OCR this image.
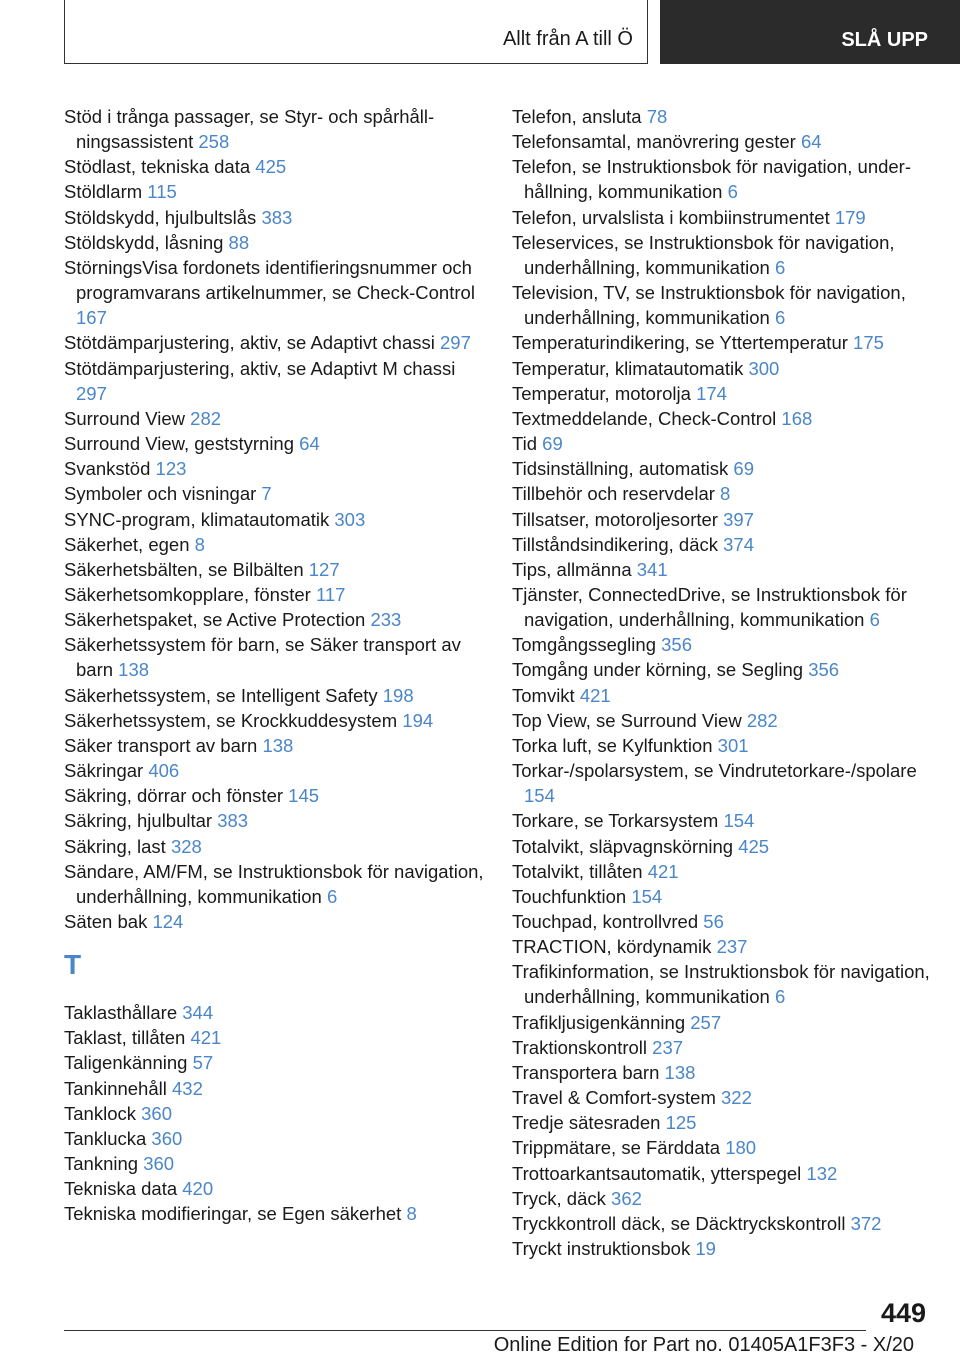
Allt från A till Ö	SLÅ UPP
Stöd i trånga passager, se Styr- och spårhållningsassistent 258
Stödlast, tekniska data 425
Stöldlarm 115
Stöldskydd, hjulbultslås 383
Stöldskydd, låsning 88
StörningsVisa fordonets identifieringsnummer och programvarans artikelnummer, se Check-Control 167
Stötdämparjustering, aktiv, se Adaptivt chassi 297
Stötdämparjustering, aktiv, se Adaptivt M chassi 297
Surround View 282
Surround View, geststyrning 64
Svankstöd 123
Symboler och visningar 7
SYNC-program, klimatautomatik 303
Säkerhet, egen 8
Säkerhetsbälten, se Bilbälten 127
Säkerhetsomkopplare, fönster 117
Säkerhetspaket, se Active Protection 233
Säkerhetssystem för barn, se Säker transport av barn 138
Säkerhetssystem, se Intelligent Safety 198
Säkerhetssystem, se Krockkuddesystem 194
Säker transport av barn 138
Säkringar 406
Säkring, dörrar och fönster 145
Säkring, hjulbultar 383
Säkring, last 328
Sändare, AM/FM, se Instruktionsbok för navigation, underhållning, kommunikation 6
Säten bak 124
T
Taklasthållare 344
Taklast, tillåten 421
Taligenkänning 57
Tankinnehåll 432
Tanklock 360
Tanklucka 360
Tankning 360
Tekniska data 420
Tekniska modifieringar, se Egen säkerhet 8
Telefon, ansluta 78
Telefonsamtal, manövrering gester 64
Telefon, se Instruktionsbok för navigation, underhållning, kommunikation 6
Telefon, urvalslista i kombiinstrumentet 179
Teleservices, se Instruktionsbok för navigation, underhållning, kommunikation 6
Television, TV, se Instruktionsbok för navigation, underhållning, kommunikation 6
Temperaturindikering, se Yttertemperatur 175
Temperatur, klimatautomatik 300
Temperatur, motorolja 174
Textmeddelande, Check-Control 168
Tid 69
Tidsinställning, automatisk 69
Tillbehör och reservdelar 8
Tillsatser, motoroljesorter 397
Tillståndsindikering, däck 374
Tips, allmänna 341
Tjänster, ConnectedDrive, se Instruktionsbok för navigation, underhållning, kommunikation 6
Tomgångssegling 356
Tomgång under körning, se Segling 356
Tomvikt 421
Top View, se Surround View 282
Torka luft, se Kylfunktion 301
Torkar-/spolarsystem, se Vindrutetorkare-/spolare 154
Torkare, se Torkarsystem 154
Totalvikt, släpvagnskörning 425
Totalvikt, tillåten 421
Touchfunktion 154
Touchpad, kontrollvred 56
TRACTION, kördynamik 237
Trafikinformation, se Instruktionsbok för navigation, underhållning, kommunikation 6
Trafikljusigenkänning 257
Traktionskontroll 237
Transportera barn 138
Travel & Comfort-system 322
Tredje sätesraden 125
Trippmätare, se Färddata 180
Trottoarkantsautomatik, ytterspegel 132
Tryck, däck 362
Tryckkontroll däck, se Däcktryckskontroll 372
Tryckt instruktionsbok 19
449
Online Edition for Part no. 01405A1F3F3 - X/20
